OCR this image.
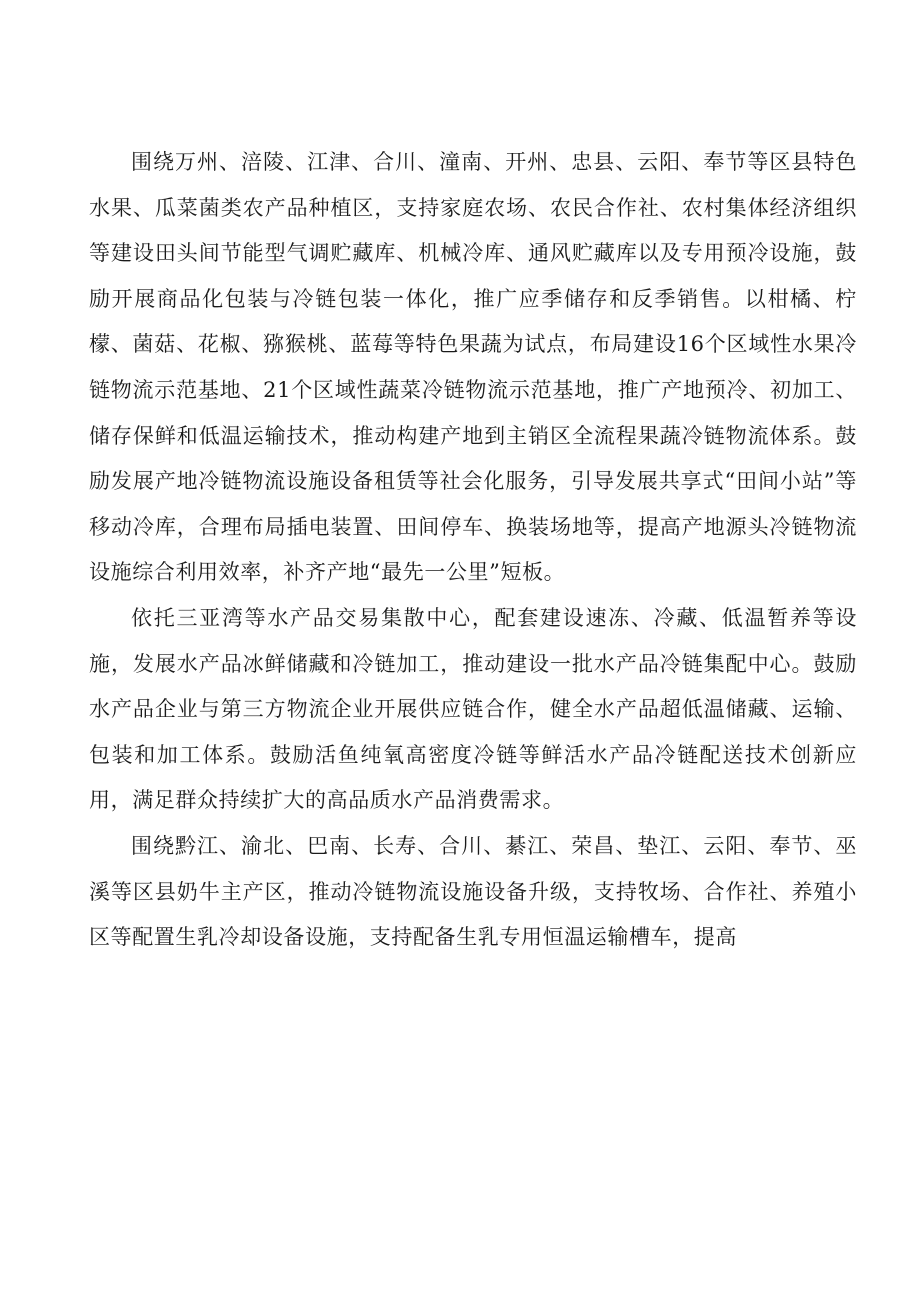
围绕万州、涪陵、江津、合川、潼南、开州、忠县、云阳、奉节等区县特色水果、瓜菜菌类农产品种植区，支持家庭农场、农民合作社、农村集体经济组织等建设田头间节能型气调贮藏库、机械冷库、通风贮藏库以及专用预冷设施，鼓励开展商品化包装与冷链包装一体化，推广应季储存和反季销售。以柑橘、柠檬、菌菇、花椒、猕猴桃、蓝莓等特色果蔬为试点，布局建设16个区域性水果冷链物流示范基地、21个区域性蔬菜冷链物流示范基地，推广产地预冷、初加工、储存保鲜和低温运输技术，推动构建产地到主销区全流程果蔬冷链物流体系。鼓励发展产地冷链物流设施设备租赁等社会化服务，引导发展共享式“田间小站”等移动冷库，合理布局插电装置、田间停车、换装场地等，提高产地源头冷链物流设施综合利用效率，补齐产地“最先一公里”短板。

依托三亚湾等水产品交易集散中心，配套建设速冻、冷藏、低温暂养等设施，发展水产品冰鲜储藏和冷链加工，推动建设一批水产品冷链集配中心。鼓励水产品企业与第三方物流企业开展供应链合作，健全水产品超低温储藏、运输、包装和加工体系。鼓励活鱼纯氧高密度冷链等鲜活水产品冷链配送技术创新应用，满足群众持续扩大的高品质水产品消费需求。

围绕黔江、渝北、巴南、长寿、合川、綦江、荣昌、垫江、云阳、奉节、巫溪等区县奶牛主产区，推动冷链物流设施设备升级，支持牧场、合作社、养殖小区等配置生乳冷却设备设施，支持配备生乳专用恒温运输槽车，提高
